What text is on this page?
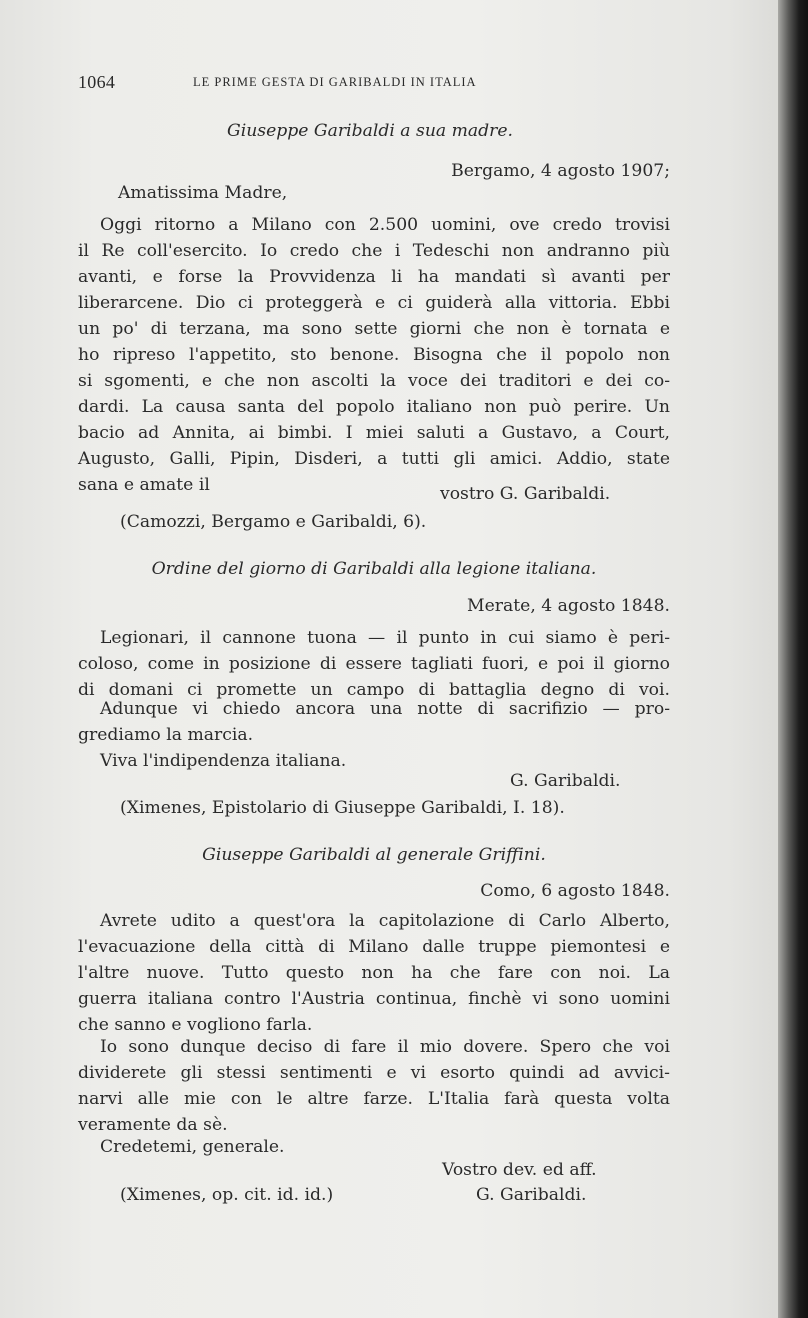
1064	LE PRIME GESTA DI GARIBALDI IN ITALIA
Giuseppe Garibaldi a sua madre.
Bergamo, 4 agosto 1907;
Amatissima Madre,
Oggi ritorno a Milano con 2.500 uomini, ove credo trovisi
il Re coll'esercito. Io credo che i Tedeschi non andranno più
avanti, e forse la Provvidenza li ha mandati sì avanti per
liberarcene. Dio ci proteggerà e ci guiderà alla vittoria. Ebbi
un po' di terzana, ma sono sette giorni che non è tornata e
ho ripreso l'appetito, sto benone. Bisogna che il popolo non
si sgomenti, e che non ascolti la voce dei traditori e dei co-
dardi. La causa santa del popolo italiano non può perire. Un
bacio ad Annita, ai bimbi. I miei saluti a Gustavo, a Court,
Augusto, Galli, Pipin, Disderi, a tutti gli amici. Addio, state
sana e amate il	vostro G. Garibaldi.
(Camozzi, Bergamo e Garibaldi, 6).
Ordine del giorno di Garibaldi alla legione italiana.
Merate, 4 agosto 1848.
Legionari, il cannone tuona — il punto in cui siamo è peri-
coloso, come in posizione di essere tagliati fuori, e poi il giorno
di domani ci promette un campo di battaglia degno di voi.
Adunque vi chiedo ancora una notte di sacrifizio — pro-
grediamo la marcia.
Viva l'indipendenza italiana.
G. Garibaldi.
(Ximenes, Epistolario di Giuseppe Garibaldi, I. 18).
Giuseppe Garibaldi al generale Griffini.
Como, 6 agosto 1848.
Avrete udito a quest'ora la capitolazione di Carlo Alberto,
l'evacuazione della città di Milano dalle truppe piemontesi e
l'altre nuove. Tutto questo non ha che fare con noi. La
guerra italiana contro l'Austria continua, finchè vi sono uomini
che sanno e vogliono farla.
Io sono dunque deciso di fare il mio dovere. Spero che voi
dividerete gli stessi sentimenti e vi esorto quindi ad avvici-
narvi alle mie con le altre farze. L'Italia farà questa volta
veramente da sè.
Credetemi, generale.
Vostro dev. ed aff.
(Ximenes, op. cit. id. id.)	G. Garibaldi.
